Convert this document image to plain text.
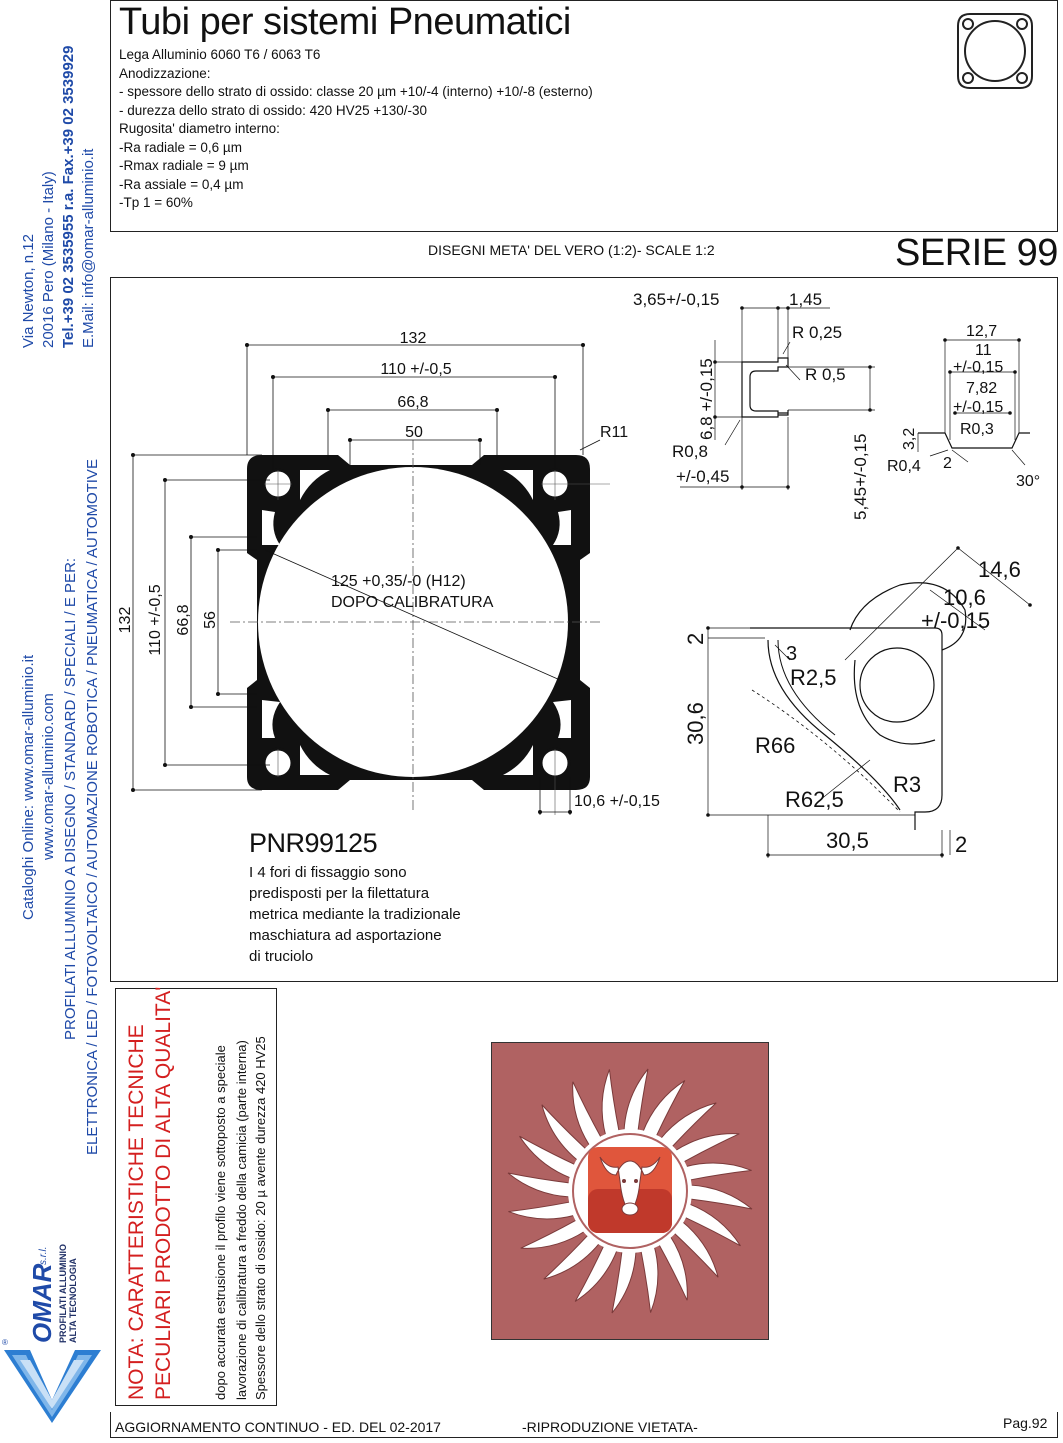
Via Newton, n.12 20016 Pero (Milano - Italy) Tel.+39 02 3535955 r.a. Fax.+39 02 3539929 E.Mail: info@omar-alluminio.it
Cataloghi Online: www.omar-alluminio.it www.omar-alluminio.com PROFILATI ALLUMINIO A DISEGNO / STANDARD / SPECIALI / E PER: ELETTRONICA / LED / FOTOVOLTAICO / AUTOMAZIONE ROBOTICA / PNEUMATICA / AUTOMOTIVE
® OMAR
s.r.l. PROFILATI ALLUMINIO ALTA TECNOLOGIA
Tubi per sistemi Pneumatici
Lega Alluminio 6060 T6 / 6063 T6
Anodizzazione:
- spessore dello strato di ossido: classe 20 µm +10/-4 (interno) +10/-8 (esterno)
- durezza dello strato di ossido: 420 HV25 +130/-30
Rugosita' diametro interno:
-Ra radiale = 0,6 µm
-Rmax radiale = 9 µm
-Ra assiale = 0,4 µm
-Tp 1 = 60%
DISEGNI META' DEL VERO (1:2)- SCALE 1:2	SERIE 99
132
110 +/-0,5
66,8
50	R11
132 110 +/-0,5 66,8 56
125 +0,35/-0 (H12)
DOPO CALIBRATURA
10,6 +/-0,15
3,65+/-0,15	1,45
R 0,25
R 0,5
6,8 +/-0,15
R0,8
+/-0,45	5,45+/-0,15
12,7
11
+/-0,15
7,82
+/-0,15
R0,3
3,2
R0,4 2
30°
14,6
10,6
+/-0,15
2
3
R2,5
30,6
R66
R3
R62,5
30,5	2
PNR99125
I 4 fori di fissaggio sono
predisposti per la filettatura
metrica mediante la tradizionale
maschiatura ad asportazione
di truciolo
NOTA: CARATTERISTICHE TECNICHE PECULIARI PRODOTTO DI ALTA QUALITA'	dopo accurata estrusione il profilo viene sottoposto a speciale lavorazione di calibratura a freddo della camicia (parte interna) Spessore dello strato di ossido: 20 µ avente durezza 420 HV25
AGGIORNAMENTO CONTINUO - ED. DEL 02-2017	-RIPRODUZIONE VIETATA-	Pag.92
